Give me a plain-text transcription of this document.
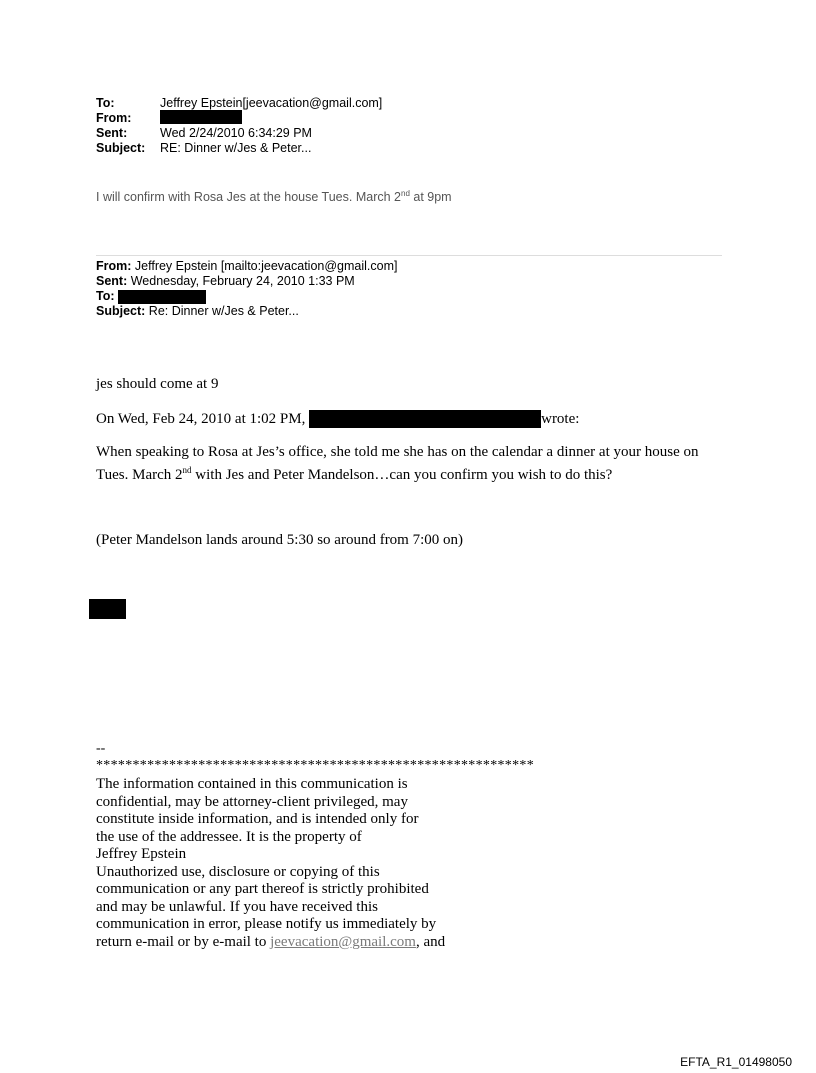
To:	Jeffrey Epstein[jeevacation@gmail.com]
From:
Sent:	Wed 2/24/2010 6:34:29 PM
Subject:	RE: Dinner w/Jes & Peter...
I will confirm with Rosa Jes at the house Tues. March 2nd at 9pm
From: Jeffrey Epstein [mailto:jeevacation@gmail.com]
Sent: Wednesday, February 24, 2010 1:33 PM
To:
Subject: Re: Dinner w/Jes & Peter...
jes should come at 9
On Wed, Feb 24, 2010 at 1:02 PM,	wrote:
When speaking to Rosa at Jes’s office, she told me she has on the calendar a dinner at your house on Tues. March 2nd with Jes and Peter Mandelson…can you confirm you wish to do this?
(Peter Mandelson lands around 5:30 so around from 7:00 on)
--
************************************************************
The information contained in this communication is
confidential, may be attorney-client privileged, may
constitute inside information, and is intended only for
the use of the addressee. It is the property of
Jeffrey Epstein
Unauthorized use, disclosure or copying of this
communication or any part thereof is strictly prohibited
and may be unlawful. If you have received this
communication in error, please notify us immediately by
return e-mail or by e-mail to jeevacation@gmail.com, and
EFTA_R1_01498050
